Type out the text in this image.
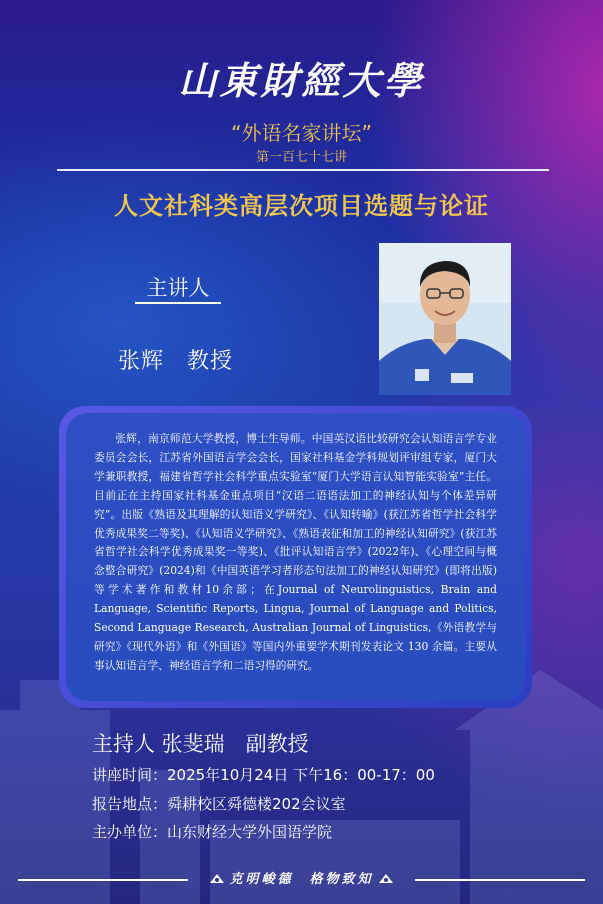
山東財經大學
“外语名家讲坛”
第一百七十七讲
人文社科类高层次项目选题与论证
主讲人
张辉　教授

张辉，南京师范大学教授，博士生导师。中国英汉语比较研究会认知语言学专业委员会会长，江苏省外国语言学会会长，国家社科基金学科规划评审组专家，厦门大学兼职教授，福建省哲学社会科学重点实验室“厦门大学语言认知智能实验室”主任。目前正在主持国家社科基金重点项目“汉语二语语法加工的神经认知与个体差异研究”。出版《熟语及其理解的认知语义学研究》、《认知转喻》(获江苏省哲学社会科学优秀成果奖二等奖)、《认知语义学研究》、《熟语表征和加工的神经认知研究》(获江苏省哲学社会科学优秀成果奖一等奖)、《批评认知语言学》(2022年)、《心理空间与概念整合研究》(2024)和《中国英语学习者形态句法加工的神经认知研究》(即将出版)等学术著作和教材10余部；在Journal of Neurolinguistics, Brain and Language, Scientific Reports, Lingua, Journal of Language and Politics, Second Language Research, Australian Journal of Linguistics,《外语教学与研究》《现代外语》和《外国语》等国内外重要学术期刊发表论文 130 余篇。主要从事认知语言学、神经语言学和二语习得的研究。

主持人 张斐瑞　副教授
讲座时间：2025年10月24日 下午16：00-17：00
报告地点：舜耕校区舜德楼202会议室
主办单位：山东财经大学外国语学院
克明峻德　格物致知
